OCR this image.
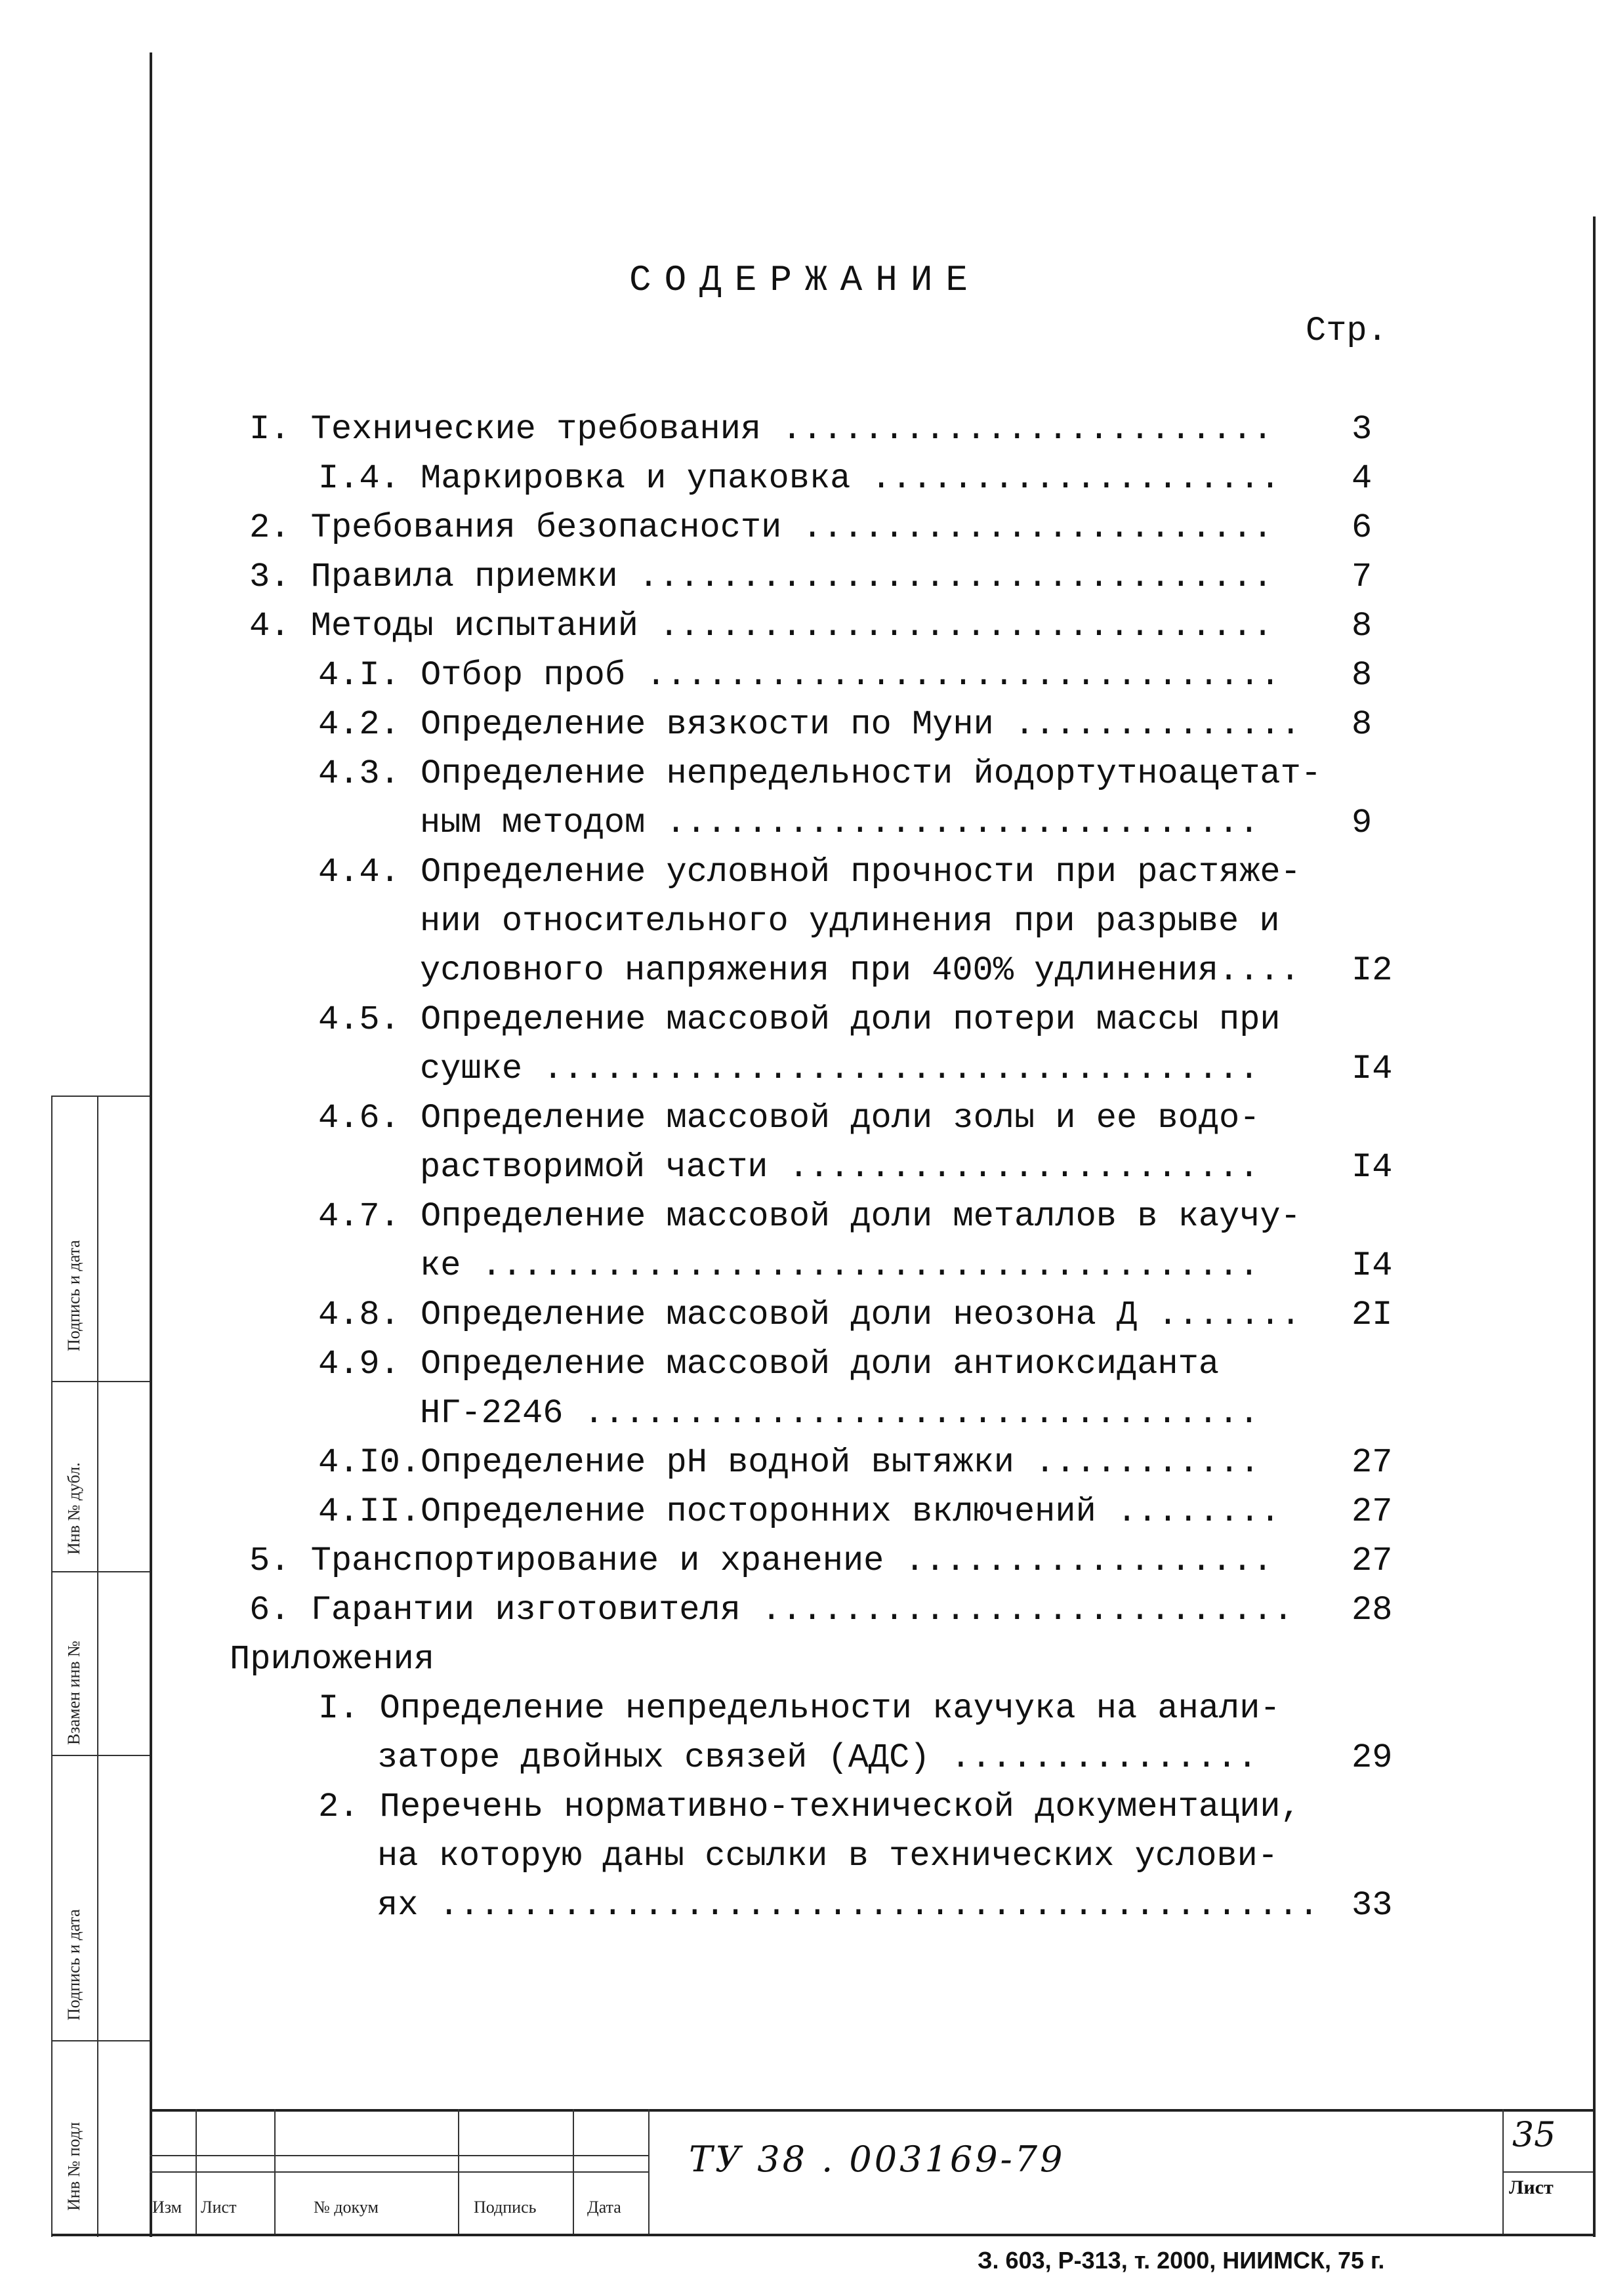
Подпись и дата
Инв № дубл.
Взамен инв №
Подпись и дата
Инв № подл
СОДЕРЖАНИЕ
Стр.
I. Технические требования ........................ 3
I.4. Маркировка и упаковка .................... 4
2. Требования безопасности ....................... 6
3. Правила приемки ............................... 7
4. Методы испытаний .............................. 8
4.I. Отбор проб ............................... 8
4.2. Определение вязкости по Муни .............. 8
4.3. Определение непредельности йодортутноацетат-
ным методом .............................	9
4.4. Определение условной прочности при растяже-
нии относительного удлинения при разрыве и
условного напряжения при 400% удлинения.... I2
4.5. Определение массовой доли потери массы при
сушке ...................................	I4
4.6. Определение массовой доли золы и ее водо-
растворимой части .......................	I4
4.7. Определение массовой доли металлов в каучу-
ке ......................................	I4
4.8. Определение массовой доли неозона Д ....... 2I
4.9. Определение массовой доли антиоксиданта
НГ-2246 .................................
4.I0.Определение pH водной вытяжки ...........	27
4.II.Определение посторонних включений ........ 27
5. Транспортирование и хранение .................. 27
6. Гарантии изготовителя .......................... 28
Приложения
I. Определение непредельности каучука на анали-
заторе двойных связей (АДС) ...............	29
2. Перечень нормативно-технической документации,
на которую даны ссылки в технических услови-
ях ........................................... 33
Изм Лист	№ докум	Подпись	Дата
ТУ 38 . 003169-79
35
Лист
З. 603, Р-313, т. 2000, НИИМСК, 75 г.
